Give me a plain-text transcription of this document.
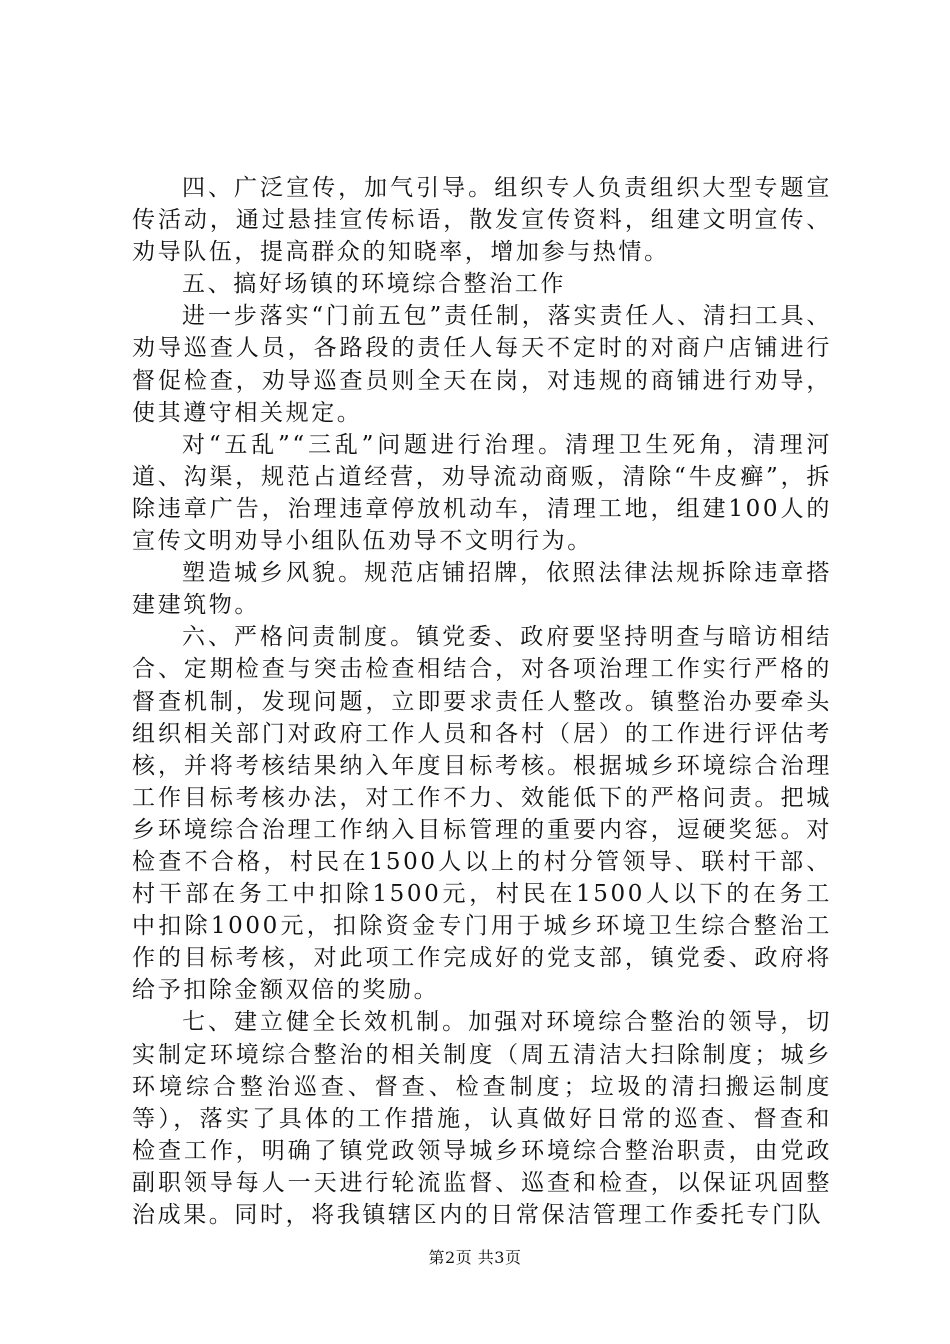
四、广泛宣传，加气引导。组织专人负责组织大型专题宣传活动，通过悬挂宣传标语，散发宣传资料，组建文明宣传、劝导队伍，提高群众的知晓率，增加参与热情。

五、搞好场镇的环境综合整治工作

进一步落实“门前五包”责任制，落实责任人、清扫工具、劝导巡查人员，各路段的责任人每天不定时的对商户店铺进行督促检查，劝导巡查员则全天在岗，对违规的商铺进行劝导，使其遵守相关规定。

对“五乱”“三乱”问题进行治理。清理卫生死角，清理河道、沟渠，规范占道经营，劝导流动商贩，清除“牛皮癣”，拆除违章广告，治理违章停放机动车，清理工地，组建100人的宣传文明劝导小组队伍劝导不文明行为。

塑造城乡风貌。规范店铺招牌，依照法律法规拆除违章搭建建筑物。

六、严格问责制度。镇党委、政府要坚持明查与暗访相结合、定期检查与突击检查相结合，对各项治理工作实行严格的督查机制，发现问题，立即要求责任人整改。镇整治办要牵头组织相关部门对政府工作人员和各村（居）的工作进行评估考核，并将考核结果纳入年度目标考核。根据城乡环境综合治理工作目标考核办法，对工作不力、效能低下的严格问责。把城乡环境综合治理工作纳入目标管理的重要内容，逗硬奖惩。对检查不合格，村民在1500人以上的村分管领导、联村干部、村干部在务工中扣除1500元，村民在1500人以下的在务工中扣除1000元，扣除资金专门用于城乡环境卫生综合整治工作的目标考核，对此项工作完成好的党支部，镇党委、政府将给予扣除金额双倍的奖励。

七、建立健全长效机制。加强对环境综合整治的领导，切实制定环境综合整治的相关制度（周五清洁大扫除制度；城乡环境综合整治巡查、督查、检查制度；垃圾的清扫搬运制度等），落实了具体的工作措施，认真做好日常的巡查、督查和检查工作，明确了镇党政领导城乡环境综合整治职责，由党政副职领导每人一天进行轮流监督、巡查和检查，以保证巩固整治成果。同时，将我镇辖区内的日常保洁管理工作委托专门队

第2页 共3页
